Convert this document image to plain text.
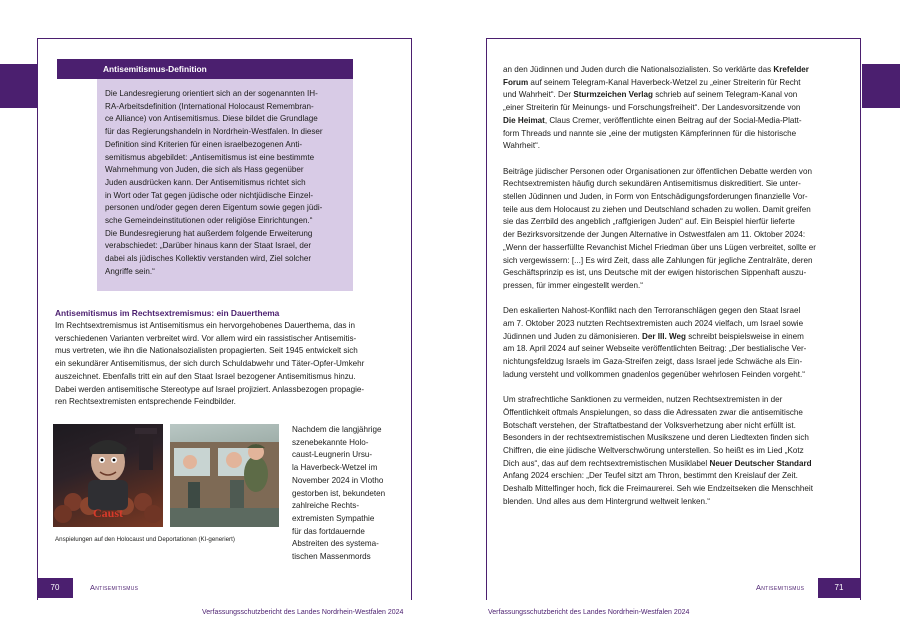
Antisemitismus-Definition
Die Landesregierung orientiert sich an der sogenannten IH-
RA-Arbeitsdefinition (International Holocaust Remembran-
ce Alliance) von Antisemitismus. Diese bildet die Grundlage
für das Regierungshandeln in Nordrhein-Westfalen. In dieser
Definition sind Kriterien für einen israelbezogenen Anti-
semitismus abgebildet: „Antisemitismus ist eine bestimmte
Wahrnehmung von Juden, die sich als Hass gegenüber
Juden ausdrücken kann. Der Antisemitismus richtet sich
in Wort oder Tat gegen jüdische oder nichtjüdische Einzel-
personen und/oder gegen deren Eigentum sowie gegen jüdi-
sche Gemeindeinstitutionen oder religiöse Einrichtungen.“
Die Bundesregierung hat außerdem folgende Erweiterung
verabschiedet: „Darüber hinaus kann der Staat Israel, der
dabei als jüdisches Kollektiv verstanden wird, Ziel solcher
Angriffe sein.“
Antisemitismus im Rechtsextremismus: ein Dauerthema
Im Rechtsextremismus ist Antisemitismus ein hervorgehobenes Dauerthema, das in
verschiedenen Varianten verbreitet wird. Vor allem wird ein rassistischer Antisemitis-
mus vertreten, wie ihn die Nationalsozialisten propagierten. Seit 1945 entwickelt sich
ein sekundärer Antisemitismus, der sich durch Schuldabwehr und Täter-Opfer-Umkehr
auszeichnet. Ebenfalls tritt ein auf den Staat Israel bezogener Antisemitismus hinzu.
Dabei werden antisemitische Stereotype auf Israel projiziert. Anlassbezogen propagie-
ren Rechtsextremisten entsprechende Feindbilder.
Caust
Anspielungen auf den Holocaust und Deportationen (KI-generiert)
Nachdem die langjährige
szenebekannte Holo-
caust-Leugnerin Ursu-
la Haverbeck-Wetzel im
November 2024 in Vlotho
gestorben ist, bekundeten
zahlreiche Rechts-
extremisten Sympathie
für das fortdauernde
Abstreiten des systema-
tischen Massenmords
70	Antisemitismus
Verfassungsschutzbericht des Landes Nordrhein-Westfalen 2024
an den Jüdinnen und Juden durch die Nationalsozialisten. So verklärte das Krefelder
Forum auf seinem Telegram-Kanal Haverbeck-Wetzel zu „einer Streiterin für Recht
und Wahrheit“. Der Sturmzeichen Verlag schrieb auf seinem Telegram-Kanal von
„einer Streiterin für Meinungs- und Forschungsfreiheit“. Der Landesvorsitzende von
Die Heimat, Claus Cremer, veröffentlichte einen Beitrag auf der Social-Media-Platt-
form Threads und nannte sie „eine der mutigsten Kämpferinnen für die historische
Wahrheit“.
Beiträge jüdischer Personen oder Organisationen zur öffentlichen Debatte werden von
Rechtsextremisten häufig durch sekundären Antisemitismus diskreditiert. Sie unter-
stellen Jüdinnen und Juden, in Form von Entschädigungsforderungen finanzielle Vor-
teile aus dem Holocaust zu ziehen und Deutschland schaden zu wollen. Damit greifen
sie das Zerrbild des angeblich „raffgierigen Juden“ auf. Ein Beispiel hierfür lieferte
der Bezirksvorsitzende der Jungen Alternative in Ostwestfalen am 11. Oktober 2024:
„Wenn der hasserfüllte Revanchist Michel Friedman über uns Lügen verbreitet, sollte er
sich vergewissern: [...] Es wird Zeit, dass alle Zahlungen für jegliche Zentralräte, deren
Geschäftsprinzip es ist, uns Deutsche mit der ewigen historischen Sippenhaft auszu-
pressen, für immer eingestellt werden.“
Den eskalierten Nahost-Konflikt nach den Terroranschlägen gegen den Staat Israel
am 7. Oktober 2023 nutzten Rechtsextremisten auch 2024 vielfach, um Israel sowie
Jüdinnen und Juden zu dämonisieren. Der III. Weg schreibt beispielsweise in einem
am 18. April 2024 auf seiner Webseite veröffentlichten Beitrag: „Der bestialische Ver-
nichtungsfeldzug Israels im Gaza-Streifen zeigt, dass Israel jede Schwäche als Ein-
ladung versteht und vollkommen gnadenlos gegenüber wehrlosen Feinden vorgeht.“
Um strafrechtliche Sanktionen zu vermeiden, nutzen Rechtsextremisten in der
Öffentlichkeit oftmals Anspielungen, so dass die Adressaten zwar die antisemitische
Botschaft verstehen, der Straftatbestand der Volksverhetzung aber nicht erfüllt ist.
Besonders in der rechtsextremistischen Musikszene und deren Liedtexten finden sich
Chiffren, die eine jüdische Weltverschwörung unterstellen. So heißt es im Lied „Kotz
Dich aus“, das auf dem rechtsextremistischen Musiklabel Neuer Deutscher Standard
Anfang 2024 erschien: „Der Teufel sitzt am Thron, bestimmt den Kreislauf der Zeit.
Deshalb Mittelfinger hoch, fick die Freimaurerei. Seh wie Endzeitseken die Menschheit
blenden. Und alles aus dem Hintergrund weltweit lenken.“
Antisemitismus	71
Verfassungsschutzbericht des Landes Nordrhein-Westfalen 2024
